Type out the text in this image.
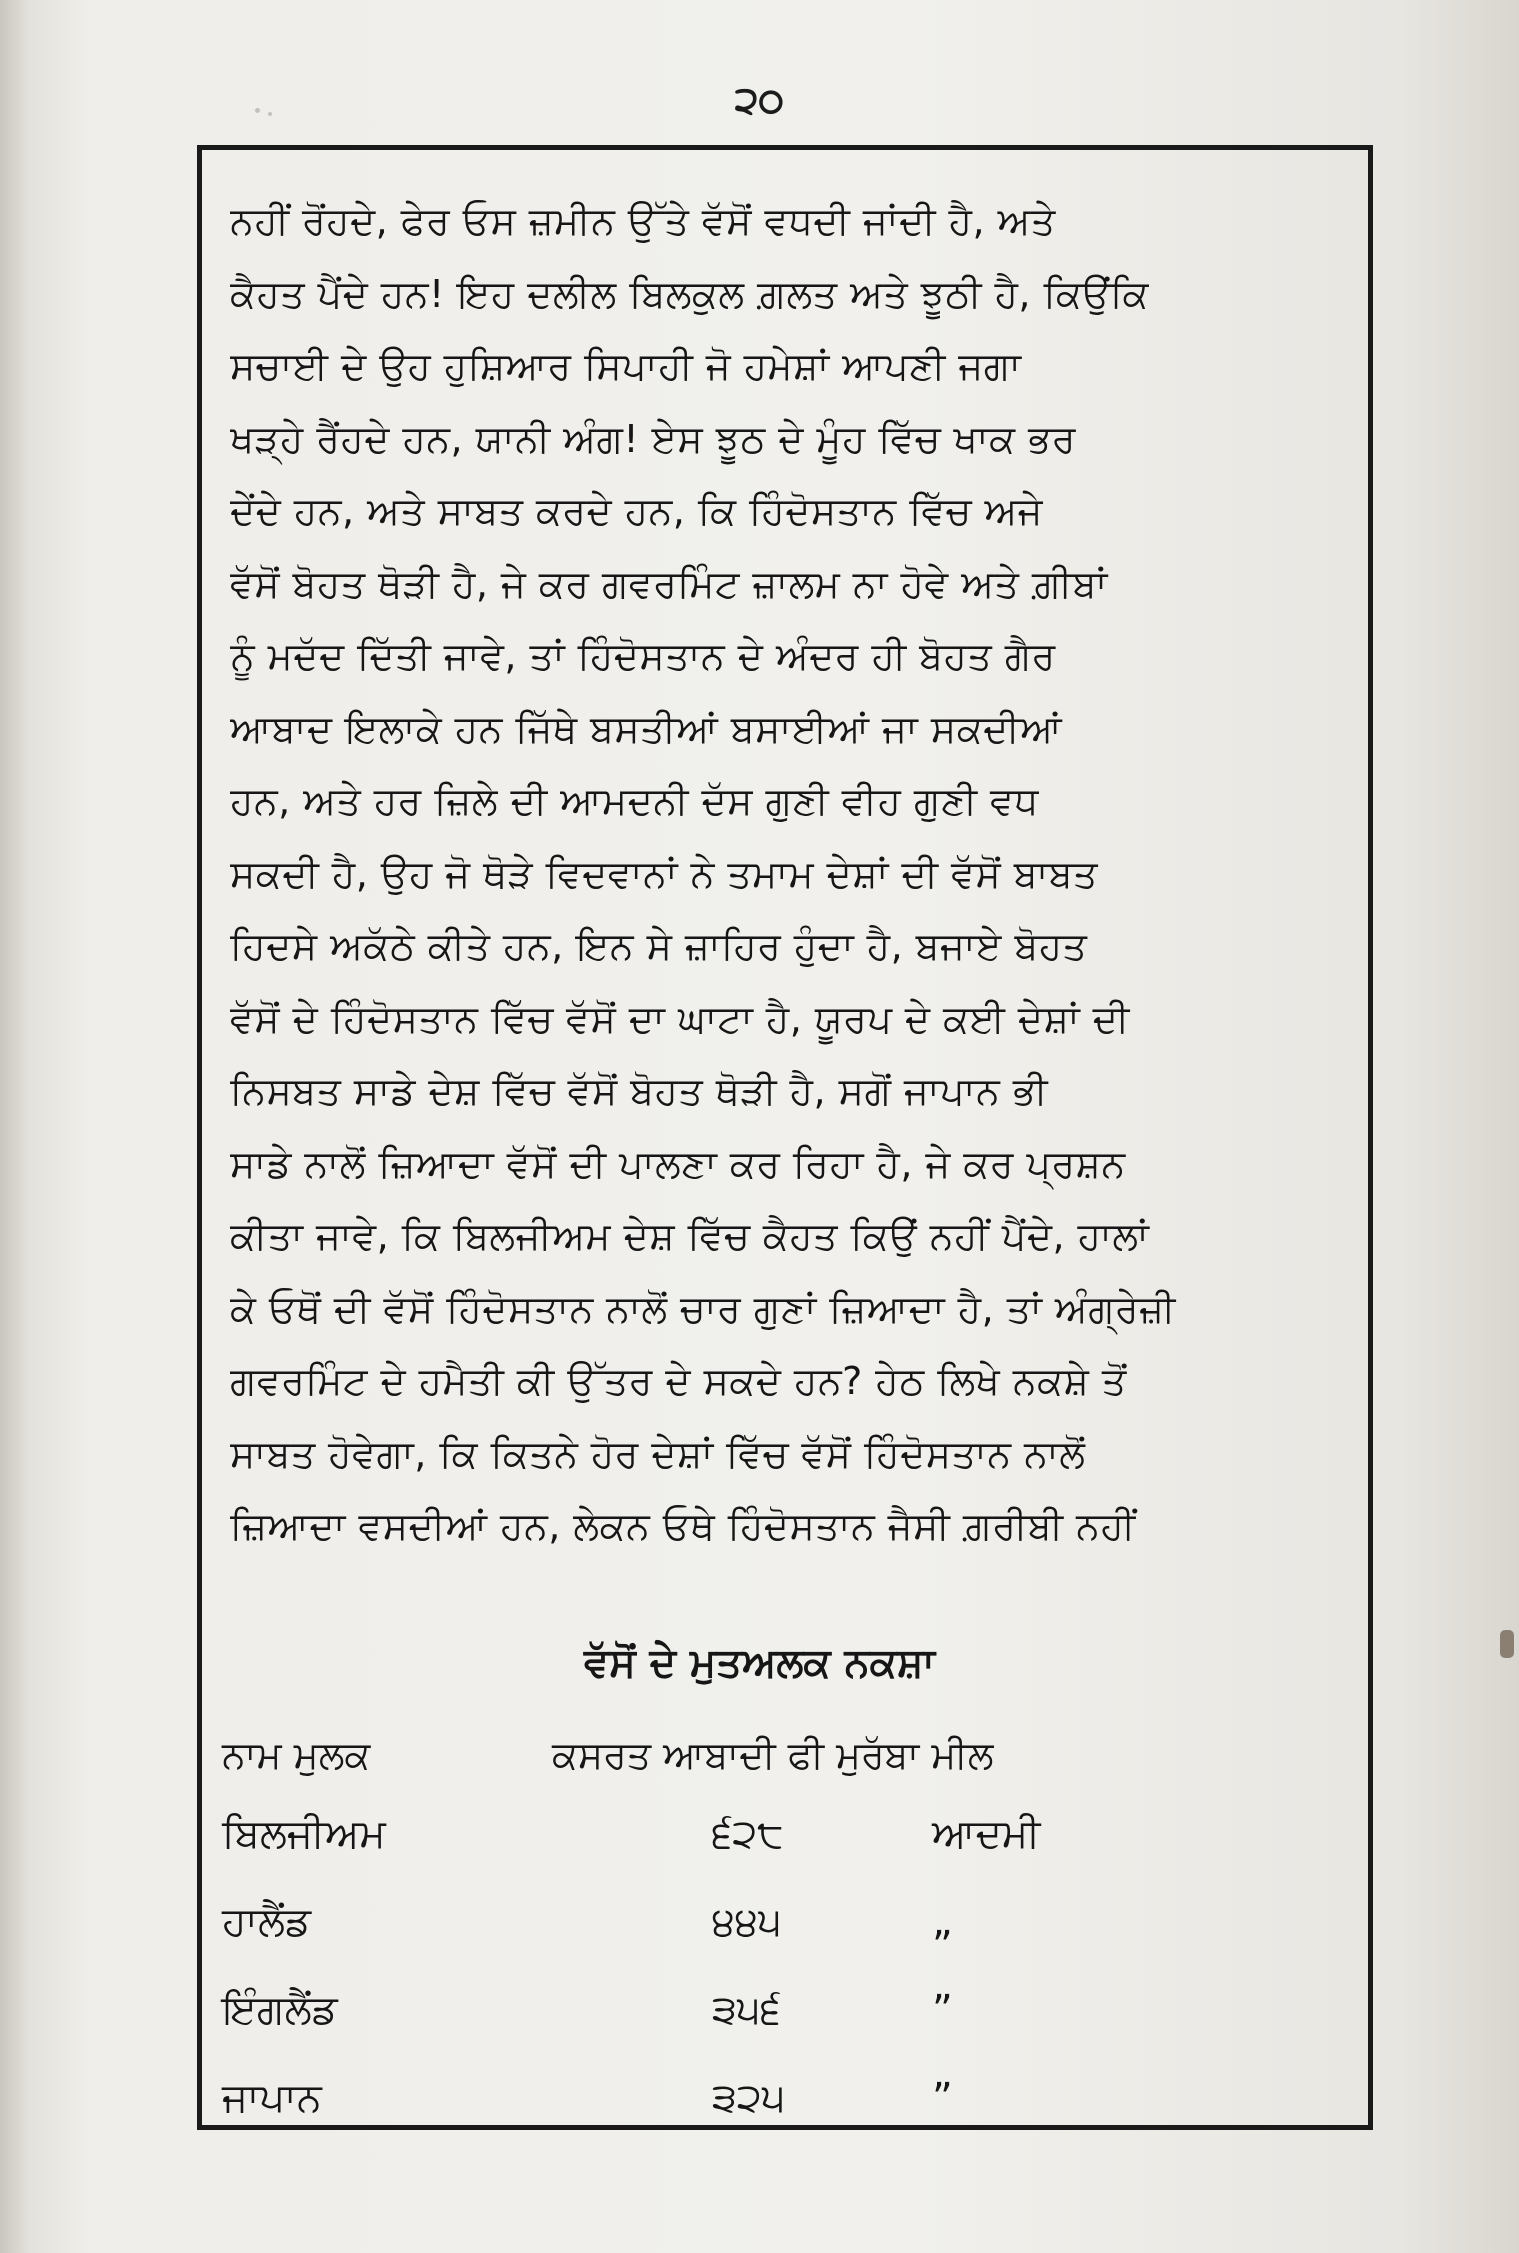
੨੦
ਨਹੀਂ ਰੋਂਹਦੇ, ਫੇਰ ਓਸ ਜ਼ਮੀਨ ਉੱਤੇ ਵੱਸੋਂ ਵਧਦੀ ਜਾਂਦੀ ਹੈ, ਅਤੇ
ਕੈਹਤ ਪੈਂਦੇ ਹਨ! ਇਹ ਦਲੀਲ ਬਿਲਕੁਲ ਗ਼ਲਤ ਅਤੇ ਝੂਠੀ ਹੈ, ਕਿਉਂਕਿ
ਸਚਾਈ ਦੇ ਉਹ ਹੁਸ਼ਿਆਰ ਸਿਪਾਹੀ ਜੋ ਹਮੇਸ਼ਾਂ ਆਪਣੀ ਜਗਾ
ਖੜ੍ਹੇ ਰੈਂਹਦੇ ਹਨ, ਯਾਨੀ ਅੰਗ! ਏਸ ਝੂਠ ਦੇ ਮੂੰਹ ਵਿੱਚ ਖਾਕ ਭਰ
ਦੇਂਦੇ ਹਨ, ਅਤੇ ਸਾਬਤ ਕਰਦੇ ਹਨ, ਕਿ ਹਿੰਦੋਸਤਾਨ ਵਿੱਚ ਅਜੇ
ਵੱਸੋਂ ਬੋਹਤ ਥੋੜੀ ਹੈ, ਜੇ ਕਰ ਗਵਰਮਿੰਟ ਜ਼ਾਲਮ ਨਾ ਹੋਵੇ ਅਤੇ ਗ਼ੀਬਾਂ
ਨੂੰ ਮਦੱਦ ਦਿੱਤੀ ਜਾਵੇ, ਤਾਂ ਹਿੰਦੋਸਤਾਨ ਦੇ ਅੰਦਰ ਹੀ ਬੋਹਤ ਗੈਰ
ਆਬਾਦ ਇਲਾਕੇ ਹਨ ਜਿੱਥੇ ਬਸਤੀਆਂ ਬਸਾਈਆਂ ਜਾ ਸਕਦੀਆਂ
ਹਨ, ਅਤੇ ਹਰ ਜ਼ਿਲੇ ਦੀ ਆਮਦਨੀ ਦੱਸ ਗੁਣੀ ਵੀਹ ਗੁਣੀ ਵਧ
ਸਕਦੀ ਹੈ, ਉਹ ਜੋ ਥੋੜੇ ਵਿਦਵਾਨਾਂ ਨੇ ਤਮਾਮ ਦੇਸ਼ਾਂ ਦੀ ਵੱਸੋਂ ਬਾਬਤ
ਹਿਦਸੇ ਅਕੱਠੇ ਕੀਤੇ ਹਨ, ਇਨ ਸੇ ਜ਼ਾਹਿਰ ਹੁੰਦਾ ਹੈ, ਬਜਾਏ ਬੋਹਤ
ਵੱਸੋਂ ਦੇ ਹਿੰਦੋਸਤਾਨ ਵਿੱਚ ਵੱਸੋਂ ਦਾ ਘਾਟਾ ਹੈ, ਯੂਰਪ ਦੇ ਕਈ ਦੇਸ਼ਾਂ ਦੀ
ਨਿਸਬਤ ਸਾਡੇ ਦੇਸ਼ ਵਿੱਚ ਵੱਸੋਂ ਬੋਹਤ ਥੋੜੀ ਹੈ, ਸਗੋਂ ਜਾਪਾਨ ਭੀ
ਸਾਡੇ ਨਾਲੋਂ ਜ਼ਿਆਦਾ ਵੱਸੋਂ ਦੀ ਪਾਲਣਾ ਕਰ ਰਿਹਾ ਹੈ, ਜੇ ਕਰ ਪ੍ਰਸ਼ਨ
ਕੀਤਾ ਜਾਵੇ, ਕਿ ਬਿਲਜੀਅਮ ਦੇਸ਼ ਵਿੱਚ ਕੈਹਤ ਕਿਉਂ ਨਹੀਂ ਪੈਂਦੇ, ਹਾਲਾਂ
ਕੇ ਓਥੋਂ ਦੀ ਵੱਸੋਂ ਹਿੰਦੋਸਤਾਨ ਨਾਲੋਂ ਚਾਰ ਗੁਣਾਂ ਜ਼ਿਆਦਾ ਹੈ, ਤਾਂ ਅੰਗ੍ਰੇਜ਼ੀ
ਗਵਰਮਿੰਟ ਦੇ ਹਮੈਤੀ ਕੀ ਉੱਤਰ ਦੇ ਸਕਦੇ ਹਨ? ਹੇਠ ਲਿਖੇ ਨਕਸ਼ੇ ਤੋਂ
ਸਾਬਤ ਹੋਵੇਗਾ, ਕਿ ਕਿਤਨੇ ਹੋਰ ਦੇਸ਼ਾਂ ਵਿੱਚ ਵੱਸੋਂ ਹਿੰਦੋਸਤਾਨ ਨਾਲੋਂ
ਜ਼ਿਆਦਾ ਵਸਦੀਆਂ ਹਨ, ਲੇਕਨ ਓਥੇ ਹਿੰਦੋਸਤਾਨ ਜੈਸੀ ਗ਼ਰੀਬੀ ਨਹੀਂ
ਵੱਸੋਂ ਦੇ ਮੁਤਅਲਕ ਨਕਸ਼ਾ
ਨਾਮ ਮੁਲਕ	ਕਸਰਤ ਆਬਾਦੀ ਫੀ ਮੁਰੱਬਾ ਮੀਲ
ਬਿਲਜੀਅਮ	੬੨੮	ਆਦਮੀ
ਹਾਲੈਂਡ	੪੪੫	„
ਇੰਗਲੈਂਡ	੩੫੬	”
ਜਾਪਾਨ	੩੨੫	”
